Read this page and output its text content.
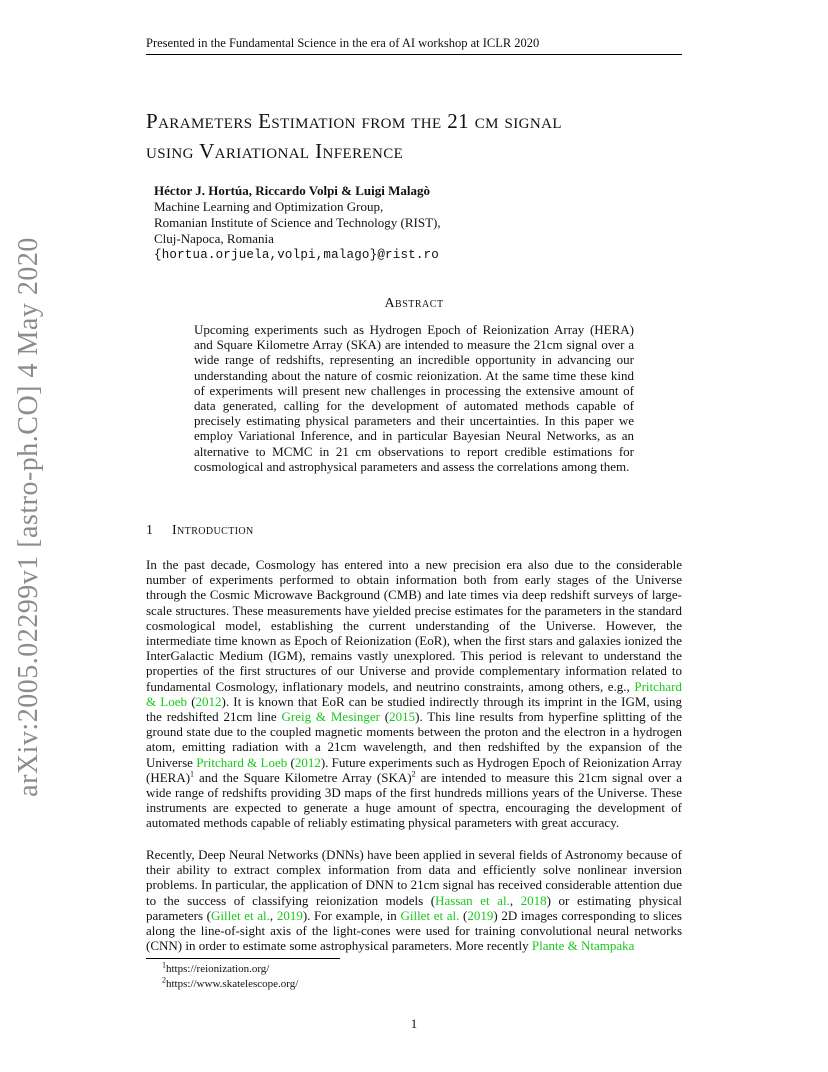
Presented in the Fundamental Science in the era of AI workshop at ICLR 2020
arXiv:2005.02299v1 [astro-ph.CO] 4 May 2020
Parameters Estimation from the 21 cm signal
using Variational Inference
Héctor J. Hortúa, Riccardo Volpi & Luigi Malagò
Machine Learning and Optimization Group,
Romanian Institute of Science and Technology (RIST),
Cluj-Napoca, Romania
{hortua.orjuela,volpi,malago}@rist.ro
Abstract
Upcoming experiments such as Hydrogen Epoch of Reionization Array (HERA) and Square Kilometre Array (SKA) are intended to measure the 21cm signal over a wide range of redshifts, representing an incredible opportunity in advancing our understanding about the nature of cosmic reionization. At the same time these kind of experiments will present new challenges in processing the extensive amount of data generated, calling for the development of automated methods capable of precisely estimating physical parameters and their uncertainties. In this paper we employ Variational Inference, and in particular Bayesian Neural Networks, as an alternative to MCMC in 21 cm observations to report credible estimations for cosmological and astrophysical parameters and assess the correlations among them.
1 Introduction
In the past decade, Cosmology has entered into a new precision era also due to the considerable number of experiments performed to obtain information both from early stages of the Universe through the Cosmic Microwave Background (CMB) and late times via deep redshift surveys of large-scale structures. These measurements have yielded precise estimates for the parameters in the standard cosmological model, establishing the current understanding of the Universe. However, the intermediate time known as Epoch of Reionization (EoR), when the first stars and galaxies ionized the InterGalactic Medium (IGM), remains vastly unexplored. This period is relevant to understand the properties of the first structures of our Universe and provide complementary information related to fundamental Cosmology, inflationary models, and neutrino constraints, among others, e.g., Pritchard & Loeb (2012). It is known that EoR can be studied indirectly through its imprint in the IGM, using the redshifted 21cm line Greig & Mesinger (2015). This line results from hyperfine splitting of the ground state due to the coupled magnetic moments between the proton and the electron in a hydrogen atom, emitting radiation with a 21cm wavelength, and then redshifted by the expansion of the Universe Pritchard & Loeb (2012). Future experiments such as Hydrogen Epoch of Reionization Array (HERA)$^1$ and the Square Kilometre Array (SKA)$^2$ are intended to measure this 21cm signal over a wide range of redshifts providing 3D maps of the first hundreds millions years of the Universe. These instruments are expected to generate a huge amount of spectra, encouraging the development of automated methods capable of reliably estimating physical parameters with great accuracy.
Recently, Deep Neural Networks (DNNs) have been applied in several fields of Astronomy because of their ability to extract complex information from data and efficiently solve nonlinear inversion problems. In particular, the application of DNN to 21cm signal has received considerable attention due to the success of classifying reionization models (Hassan et al., 2018) or estimating physical parameters (Gillet et al., 2019). For example, in Gillet et al. (2019) 2D images corresponding to slices along the line-of-sight axis of the light-cones were used for training convolutional neural networks (CNN) in order to estimate some astrophysical parameters. More recently Plante & Ntampaka
$^1$https://reionization.org/
$^2$https://www.skatelescope.org/
1
